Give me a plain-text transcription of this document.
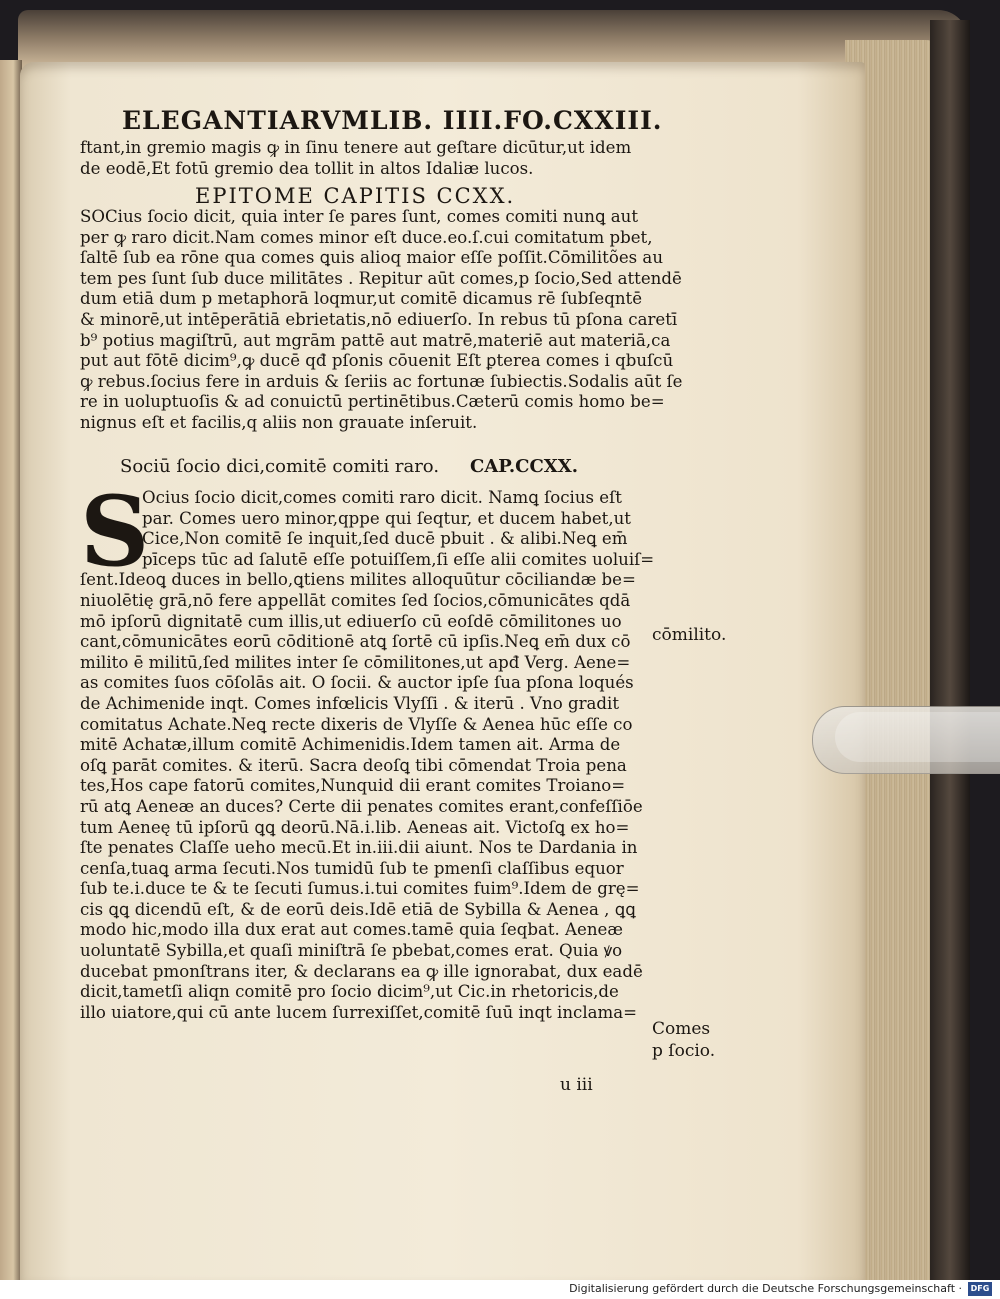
ELEGANTIARVM LIB. IIII. FO.CXXIII.
ftant,in gremio magis ꝙ in ſinu tenere aut geſtare dicūtur,ut idem
de eodē,Et fotū gremio dea tollit in altos Idaliæ lucos.
EPITOME CAPITIS CCXX.
SOCius ſocio dicit, quia inter ſe pares ſunt, comes comiti nunꝗ aut
per ꝙ raro dicit.Nam comes minor eſt duce.eo.ſ.cui comitatum pbet,
ſaltē ſub ea rōne qua comes ꝗuis alioq maior eſſe poſſit.Cōmilitões au
tem pes ſunt ſub duce militātes . Repitur aūt comes,p ſocio,Sed attendē
dum etiā dum p metaphorā loqmur,ut comitē dicamus rē ſubſeqntē
& minorē,ut intēperātiā ebrietatis,nō ediuerſo. In rebus tū pſona caretī
b⁹ potius magiſtrū, aut mgrām pattē aut matrē,materiē aut materiā,ca
put aut fōtē dicim⁹,ꝙ ducē qđ pſonis cōuenit Eſt ꝑterea comes i qbuſcū
ꝙ rebus.ſocius fere in arduis & ſeriis ac fortunæ ſubiectis.Sodalis aūt ſe
re in uoluptuoſis & ad conuictū pertinētibus.Cæterū comis homo be=
nignus eſt et facilis,q aliis non grauate inſeruit.
Sociū ſocio dici,comitē comiti raro. CAP.CCXX.
S
Ocius ſocio dicit,comes comiti raro dicit. Namꝗ ſocius eſt
par. Comes uero minor,qppe qui ſeqtur, et ducem habet,ut
Cice,Non comitē ſe inquit,ſed ducē pbuit . & alibi.Neꝗ em̄
pīceps tūc ad ſalutē eſſe potuiſſem,ſi eſſe alii comites uoluiſ=
ſent.Ideoꝗ duces in bello,ꝗtiens milites alloquūtur cōciliandæ be=
niuolētię grā,nō fere appellāt comites ſed ſocios,cōmunicātes qdā
mō ipſorū dignitatē cum illis,ut ediuerſo cū eoſdē cōmilitones uo
cant,cōmunicātes eorū cōditionē atꝗ ſortē cū ipſis.Neꝗ em̄ dux cō
milito ē militū,ſed milites inter ſe cōmilitones,ut apđ Verg. Aene=
as comites ſuos cōſolās ait. O ſocii. & auctor ipſe ſua pſona loqués
de Achimenide inqt. Comes infœlicis Vlyſſi . & iterū . Vno gradit
comitatus Achate.Neꝗ recte dixeris de Vlyſſe & Aenea hūc eſſe co
mitē Achatæ,illum comitē Achimenidis.Idem tamen ait. Arma de
oſꝗ parāt comites. & iterū. Sacra deoſꝗ tibi cōmendat Troia pena
tes,Hos cape fatorū comites,Nunquid dii erant comites Troiano=
rū atꝗ Aeneæ an duces? Certe dii penates comites erant,confeſſiōe
tum Aeneę tū ipſorū ꝗꝗ deorū.Nā.i.lib. Aeneas ait. Victoſꝗ ex ho=
ſte penates Claſſe ueho mecū.Et in.iii.dii aiunt. Nos te Dardania in
cenſa,tuaꝗ arma ſecuti.Nos tumidū ſub te pmenſi claſſibus equor
ſub te.i.duce te & te ſecuti ſumus.i.tui comites fuim⁹.Idem de grę=
cis ꝗꝗ dicendū eſt, & de eorū deis.Idē etiā de Sybilla & Aenea , ꝗꝗ
modo hic,modo illa dux erat aut comes.tamē quia ſeqbat. Aeneæ
uoluntatē Sybilla,et quaſi miniſtrā ſe pbebat,comes erat. Quia ꝟo
ducebat pmonſtrans iter, & declarans ea ꝙ ille ignorabat, dux eadē
dicit,tametſi aliqn comitē pro ſocio dicim⁹,ut Cic.in rhetoricis,de
illo uiatore,qui cū ante lucem ſurrexiſſet,comitē ſuū inqt inclama=
cōmilito.
Comes
p ſocio.
u iii
Digitalisierung gefördert durch die Deutsche Forschungsgemeinschaft ·	DFG
